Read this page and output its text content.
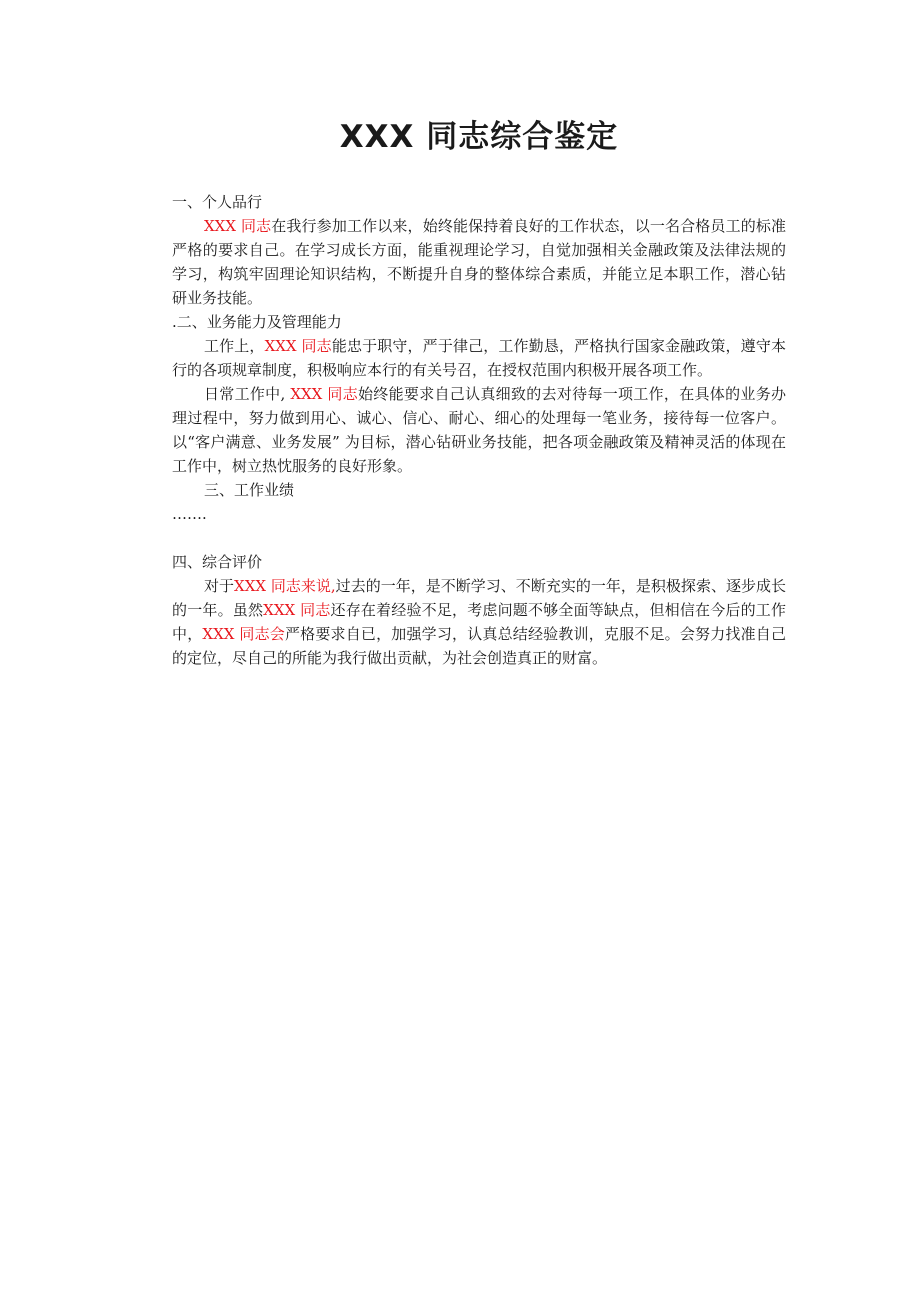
XXX 同志综合鉴定

一、个人品行

XXX 同志在我行参加工作以来，始终能保持着良好的工作状态，以一名合格员工的标准严格的要求自己。在学习成长方面，能重视理论学习，自觉加强相关金融政策及法律法规的学习，构筑牢固理论知识结构，不断提升自身的整体综合素质，并能立足本职工作，潜心钻研业务技能。

.二、业务能力及管理能力

工作上，XXX 同志能忠于职守，严于律己，工作勤恳，严格执行国家金融政策，遵守本行的各项规章制度，积极响应本行的有关号召，在授权范围内积极开展各项工作。

日常工作中, XXX 同志始终能要求自己认真细致的去对待每一项工作，在具体的业务办理过程中，努力做到用心、诚心、信心、耐心、细心的处理每一笔业务，接待每一位客户。以“客户满意、业务发展” 为目标，潜心钻研业务技能，把各项金融政策及精神灵活的体现在工作中，树立热忱服务的良好形象。

三、工作业绩

…….

四、综合评价

对于XXX 同志来说,过去的一年，是不断学习、不断充实的一年，是积极探索、逐步成长的一年。虽然XXX 同志还存在着经验不足，考虑问题不够全面等缺点，但相信在今后的工作中，XXX 同志会严格要求自已，加强学习，认真总结经验教训，克服不足。会努力找准自己的定位，尽自己的所能为我行做出贡献，为社会创造真正的财富。
